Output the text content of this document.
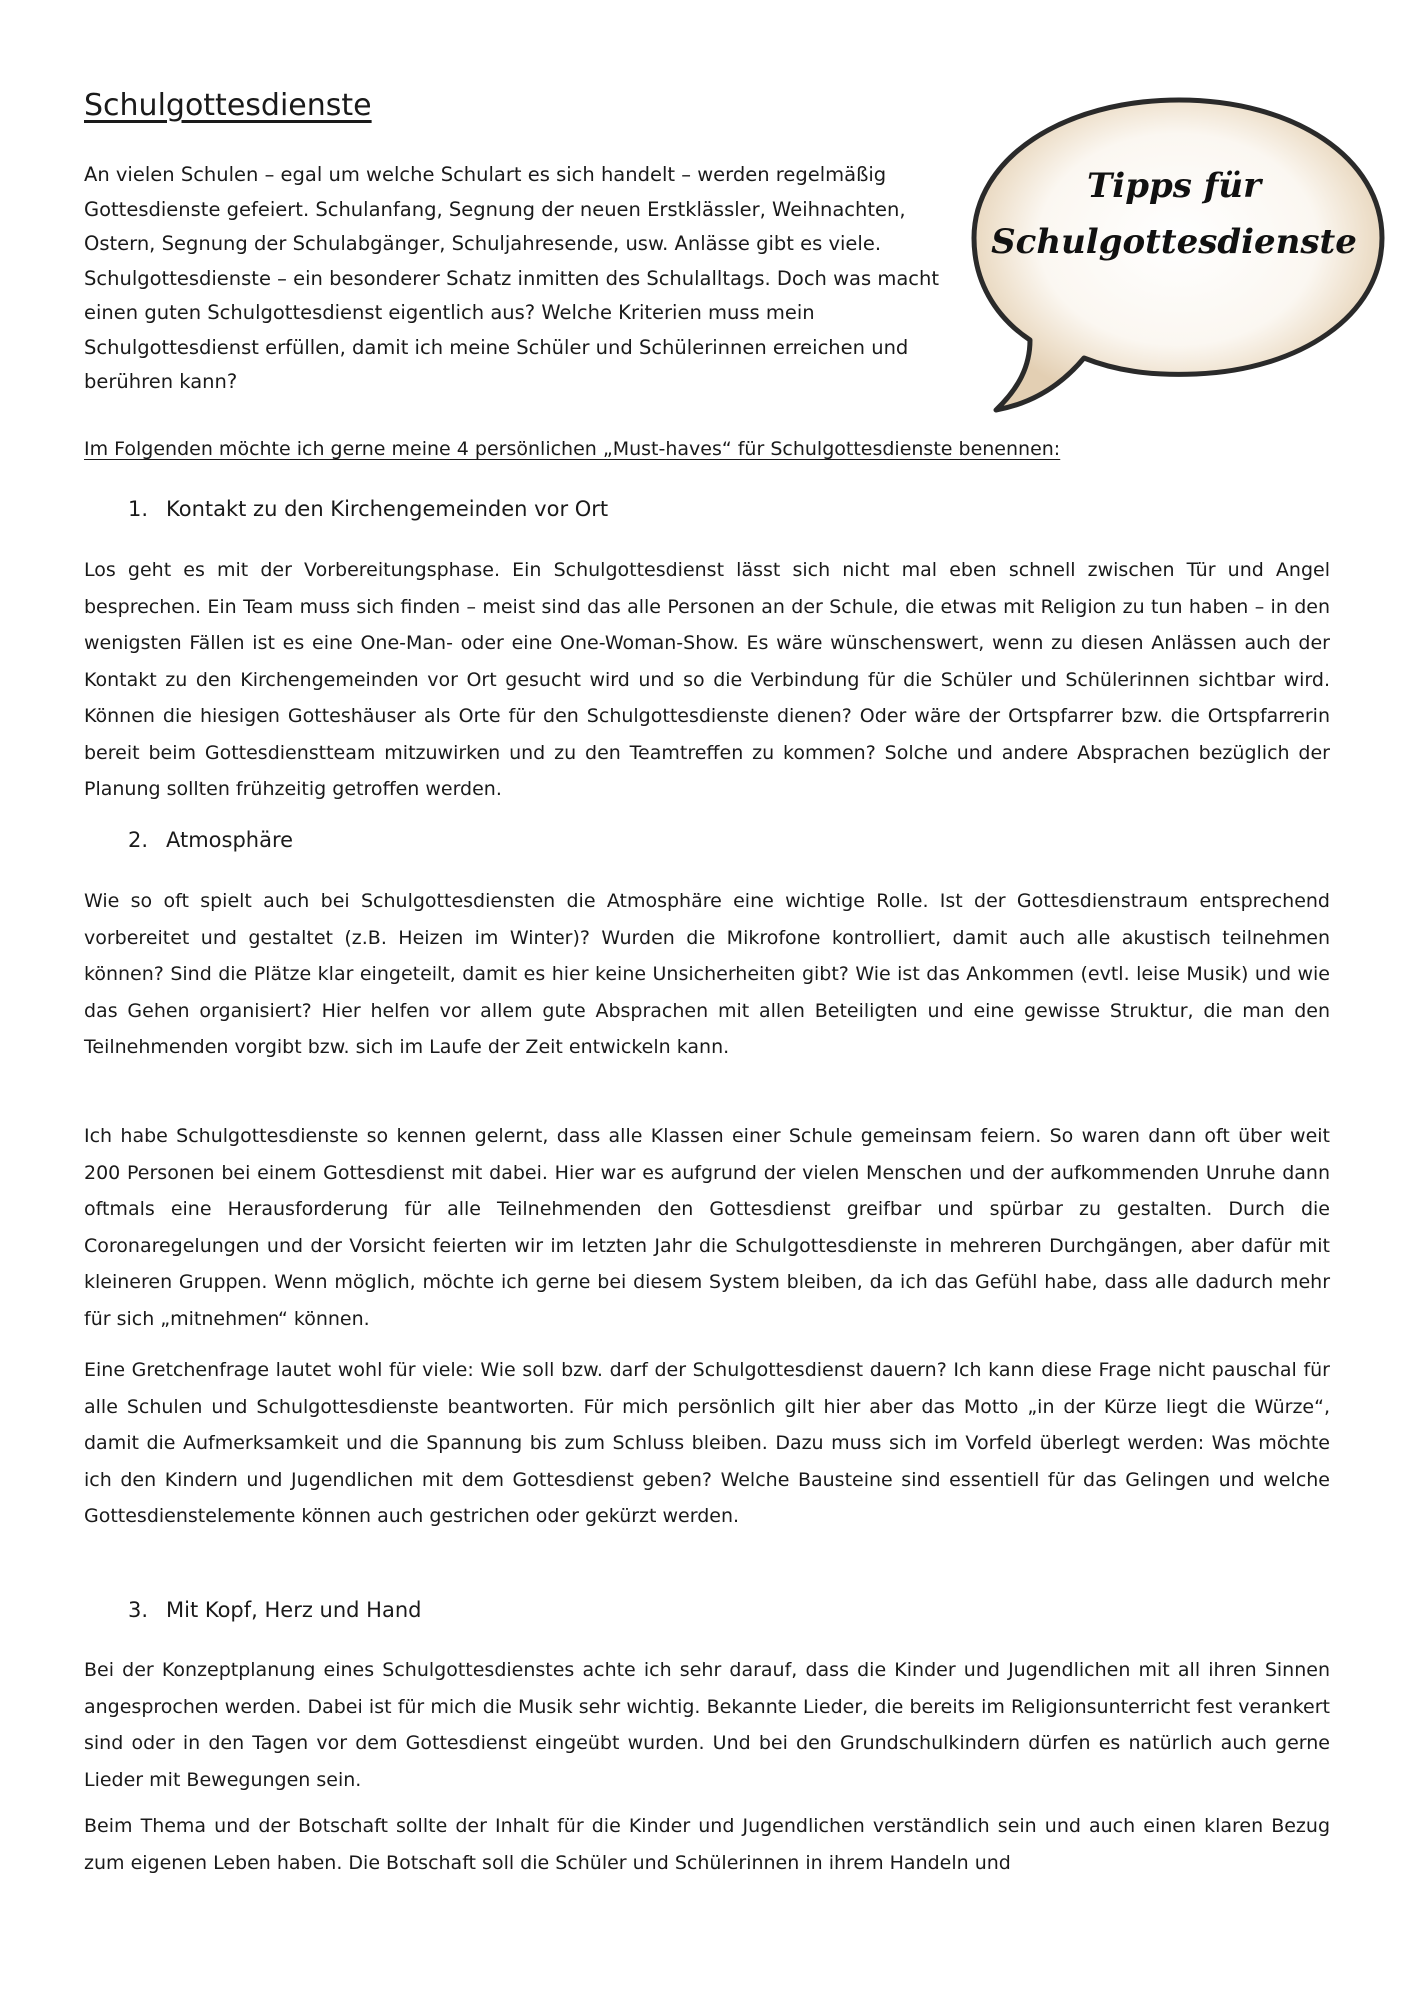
Schulgottesdienste

An vielen Schulen – egal um welche Schulart es sich handelt – werden regelmäßig Gottesdienste gefeiert. Schulanfang, Segnung der neuen Erstklässler, Weihnachten, Ostern, Segnung der Schulabgänger, Schuljahresende, usw. Anlässe gibt es viele. Schulgottesdienste – ein besonderer Schatz inmitten des Schulalltags. Doch was macht einen guten Schulgottesdienst eigentlich aus? Welche Kriterien muss mein Schulgottesdienst erfüllen, damit ich meine Schüler und Schülerinnen erreichen und berühren kann?

Tipps für
Schulgottesdienste

Im Folgenden möchte ich gerne meine 4 persönlichen „Must-haves“ für Schulgottesdienste benennen:

1. Kontakt zu den Kirchengemeinden vor Ort

Los geht es mit der Vorbereitungsphase. Ein Schulgottesdienst lässt sich nicht mal eben schnell zwischen Tür und Angel besprechen. Ein Team muss sich finden – meist sind das alle Personen an der Schule, die etwas mit Religion zu tun haben – in den wenigsten Fällen ist es eine One-Man- oder eine One-Woman-Show. Es wäre wünschenswert, wenn zu diesen Anlässen auch der Kontakt zu den Kirchengemeinden vor Ort gesucht wird und so die Verbindung für die Schüler und Schülerinnen sichtbar wird. Können die hiesigen Gotteshäuser als Orte für den Schulgottesdienste dienen? Oder wäre der Ortspfarrer bzw. die Ortspfarrerin bereit beim Gottesdienstteam mitzuwirken und zu den Teamtreffen zu kommen? Solche und andere Absprachen bezüglich der Planung sollten frühzeitig getroffen werden.

2. Atmosphäre

Wie so oft spielt auch bei Schulgottesdiensten die Atmosphäre eine wichtige Rolle. Ist der Gottesdienstraum entsprechend vorbereitet und gestaltet (z.B. Heizen im Winter)? Wurden die Mikrofone kontrolliert, damit auch alle akustisch teilnehmen können? Sind die Plätze klar eingeteilt, damit es hier keine Unsicherheiten gibt? Wie ist das Ankommen (evtl. leise Musik) und wie das Gehen organisiert? Hier helfen vor allem gute Absprachen mit allen Beteiligten und eine gewisse Struktur, die man den Teilnehmenden vorgibt bzw. sich im Laufe der Zeit entwickeln kann.

Ich habe Schulgottesdienste so kennen gelernt, dass alle Klassen einer Schule gemeinsam feiern. So waren dann oft über weit 200 Personen bei einem Gottesdienst mit dabei. Hier war es aufgrund der vielen Menschen und der aufkommenden Unruhe dann oftmals eine Herausforderung für alle Teilnehmenden den Gottesdienst greifbar und spürbar zu gestalten. Durch die Coronaregelungen und der Vorsicht feierten wir im letzten Jahr die Schulgottesdienste in mehreren Durchgängen, aber dafür mit kleineren Gruppen. Wenn möglich, möchte ich gerne bei diesem System bleiben, da ich das Gefühl habe, dass alle dadurch mehr für sich „mitnehmen“ können.

Eine Gretchenfrage lautet wohl für viele: Wie soll bzw. darf der Schulgottesdienst dauern? Ich kann diese Frage nicht pauschal für alle Schulen und Schulgottesdienste beantworten. Für mich persönlich gilt hier aber das Motto „in der Kürze liegt die Würze“, damit die Aufmerksamkeit und die Spannung bis zum Schluss bleiben. Dazu muss sich im Vorfeld überlegt werden: Was möchte ich den Kindern und Jugendlichen mit dem Gottesdienst geben? Welche Bausteine sind essentiell für das Gelingen und welche Gottesdienstelemente können auch gestrichen oder gekürzt werden.

3. Mit Kopf, Herz und Hand

Bei der Konzeptplanung eines Schulgottesdienstes achte ich sehr darauf, dass die Kinder und Jugendlichen mit all ihren Sinnen angesprochen werden. Dabei ist für mich die Musik sehr wichtig. Bekannte Lieder, die bereits im Religionsunterricht fest verankert sind oder in den Tagen vor dem Gottesdienst eingeübt wurden. Und bei den Grundschulkindern dürfen es natürlich auch gerne Lieder mit Bewegungen sein.

Beim Thema und der Botschaft sollte der Inhalt für die Kinder und Jugendlichen verständlich sein und auch einen klaren Bezug zum eigenen Leben haben. Die Botschaft soll die Schüler und Schülerinnen in ihrem Handeln und
